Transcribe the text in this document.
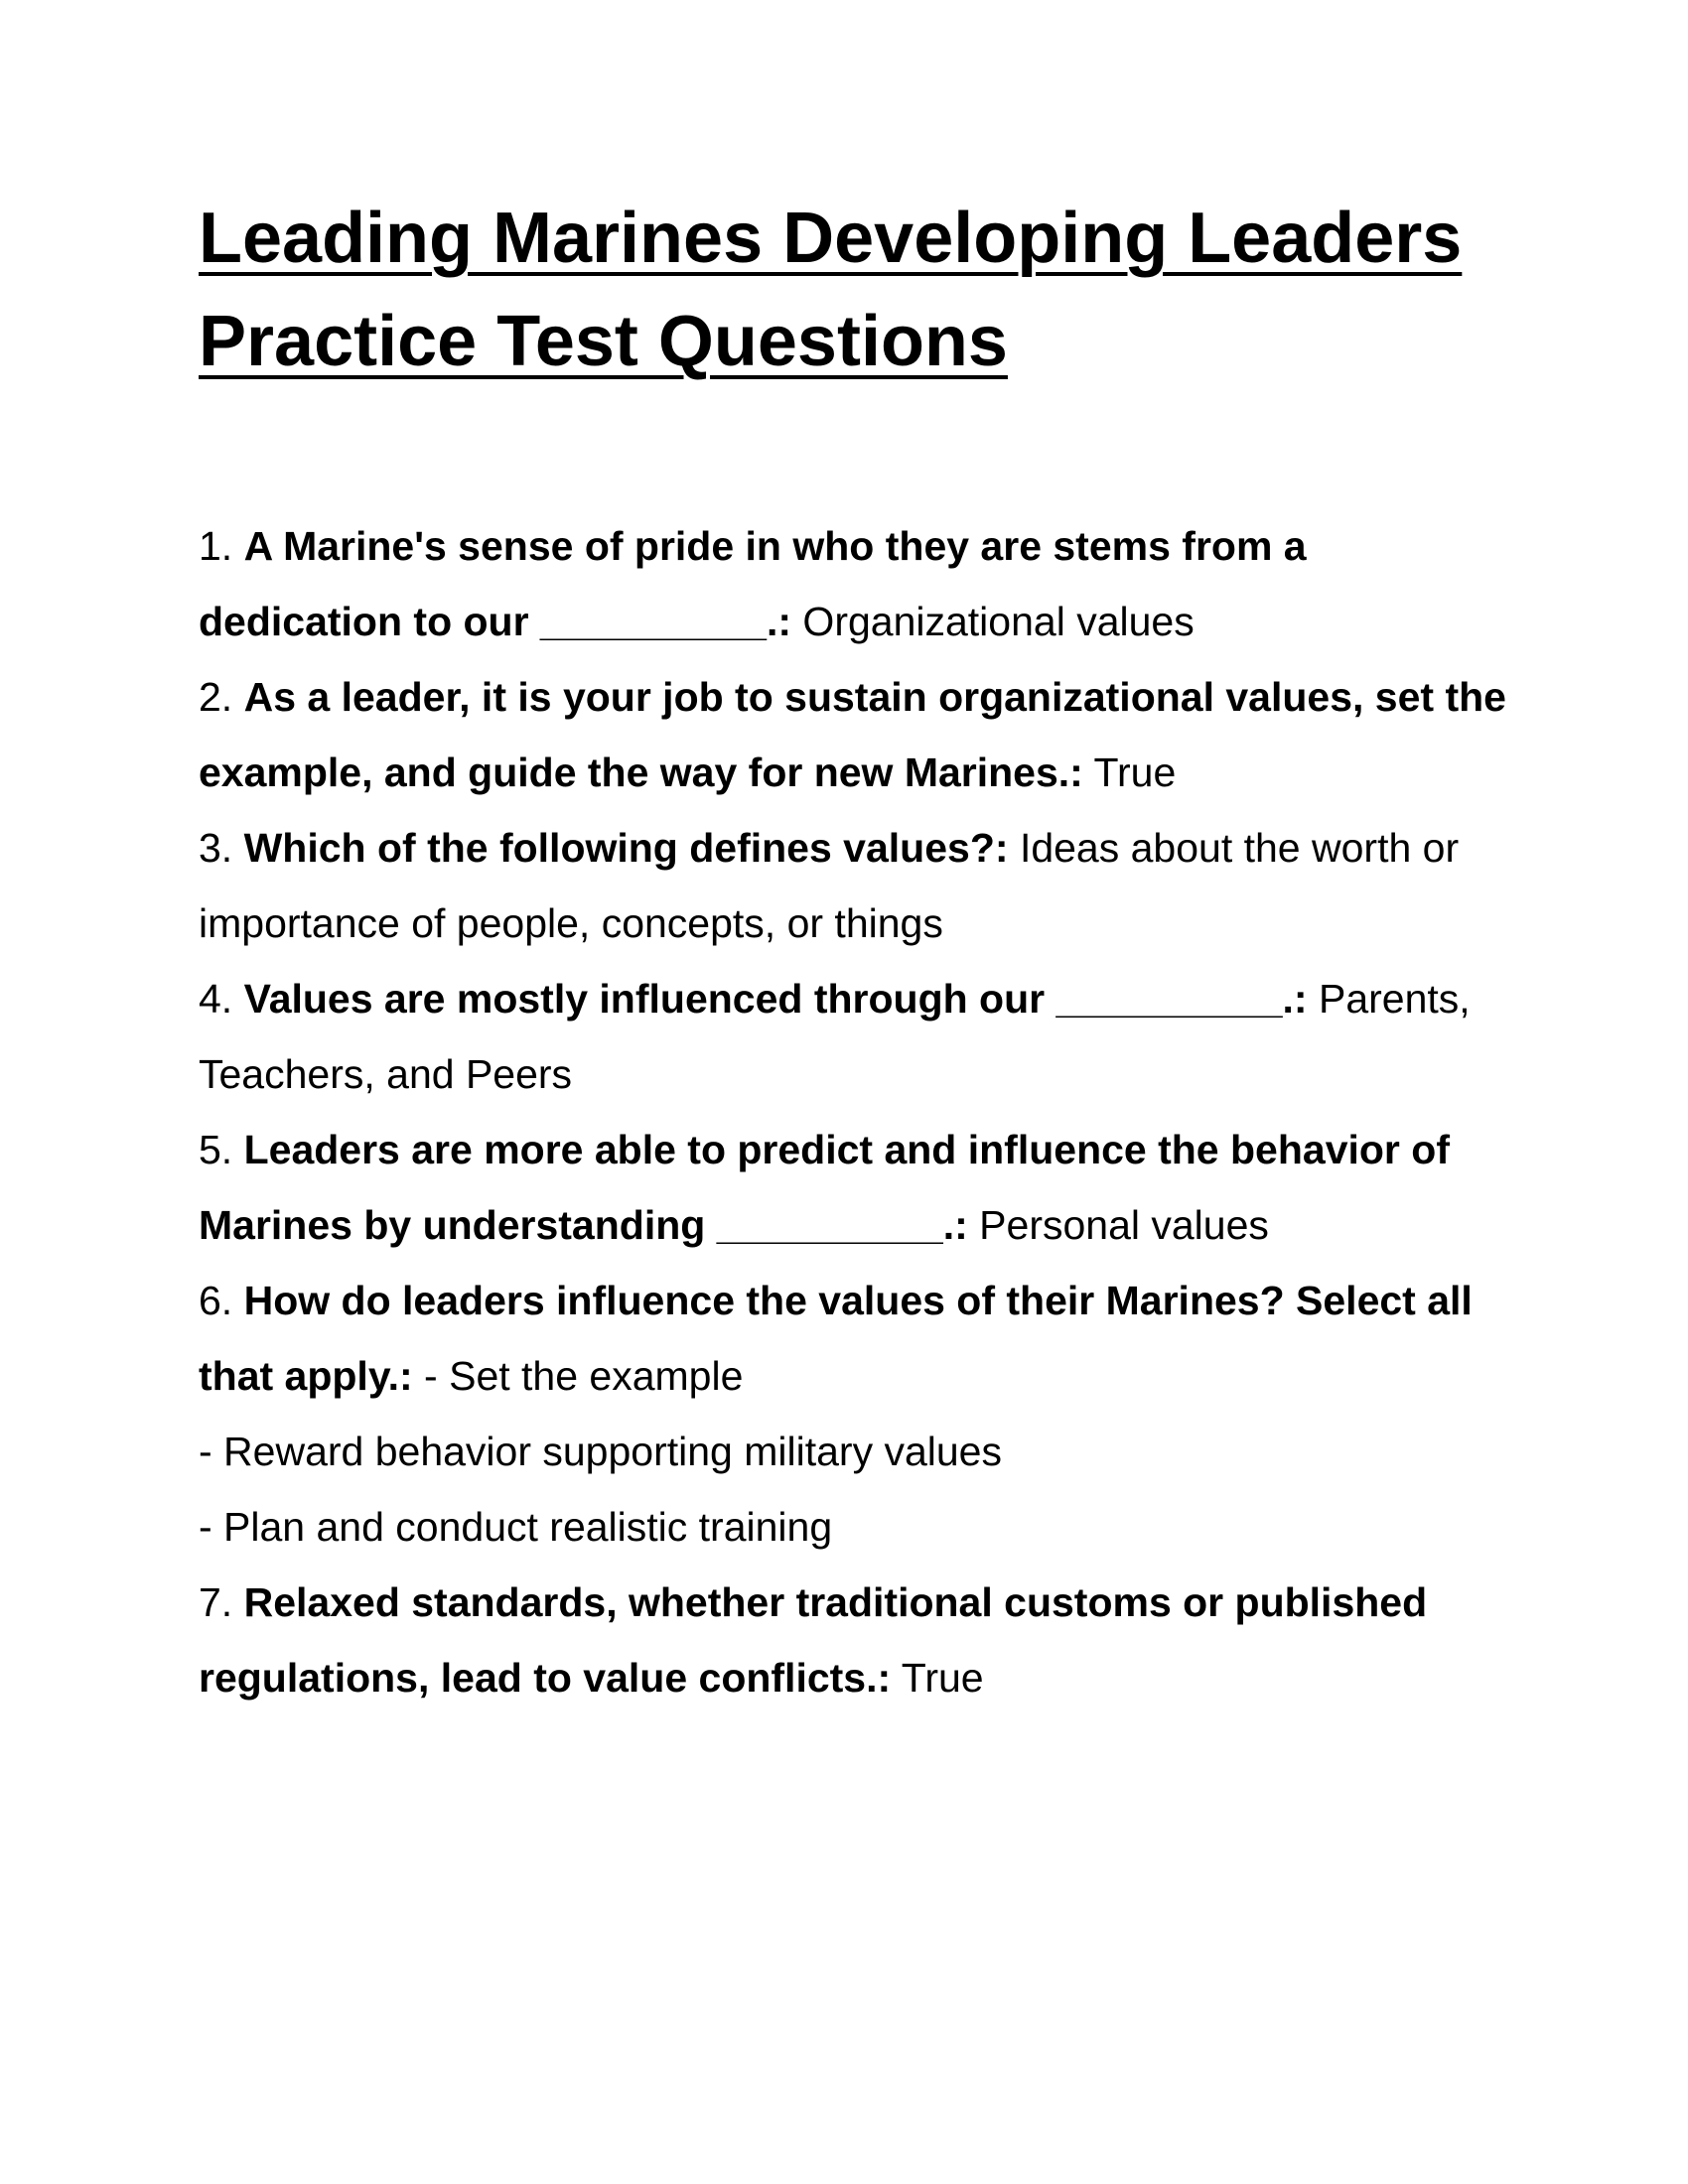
Leading Marines Developing Leaders
Practice Test Questions
1. A Marine's sense of pride in who they are stems from a dedication to our __________.: Organizational values
2. As a leader, it is your job to sustain organizational values, set the example, and guide the way for new Marines.: True
3. Which of the following defines values?: Ideas about the worth or importance of people, concepts, or things
4. Values are mostly influenced through our __________.: Parents, Teachers, and Peers
5. Leaders are more able to predict and influence the behavior of Marines by understanding __________.: Personal values
6. How do leaders influence the values of their Marines? Select all that apply.: - Set the example
- Reward behavior supporting military values
- Plan and conduct realistic training
7. Relaxed standards, whether traditional customs or published regulations, lead to value conflicts.: True
